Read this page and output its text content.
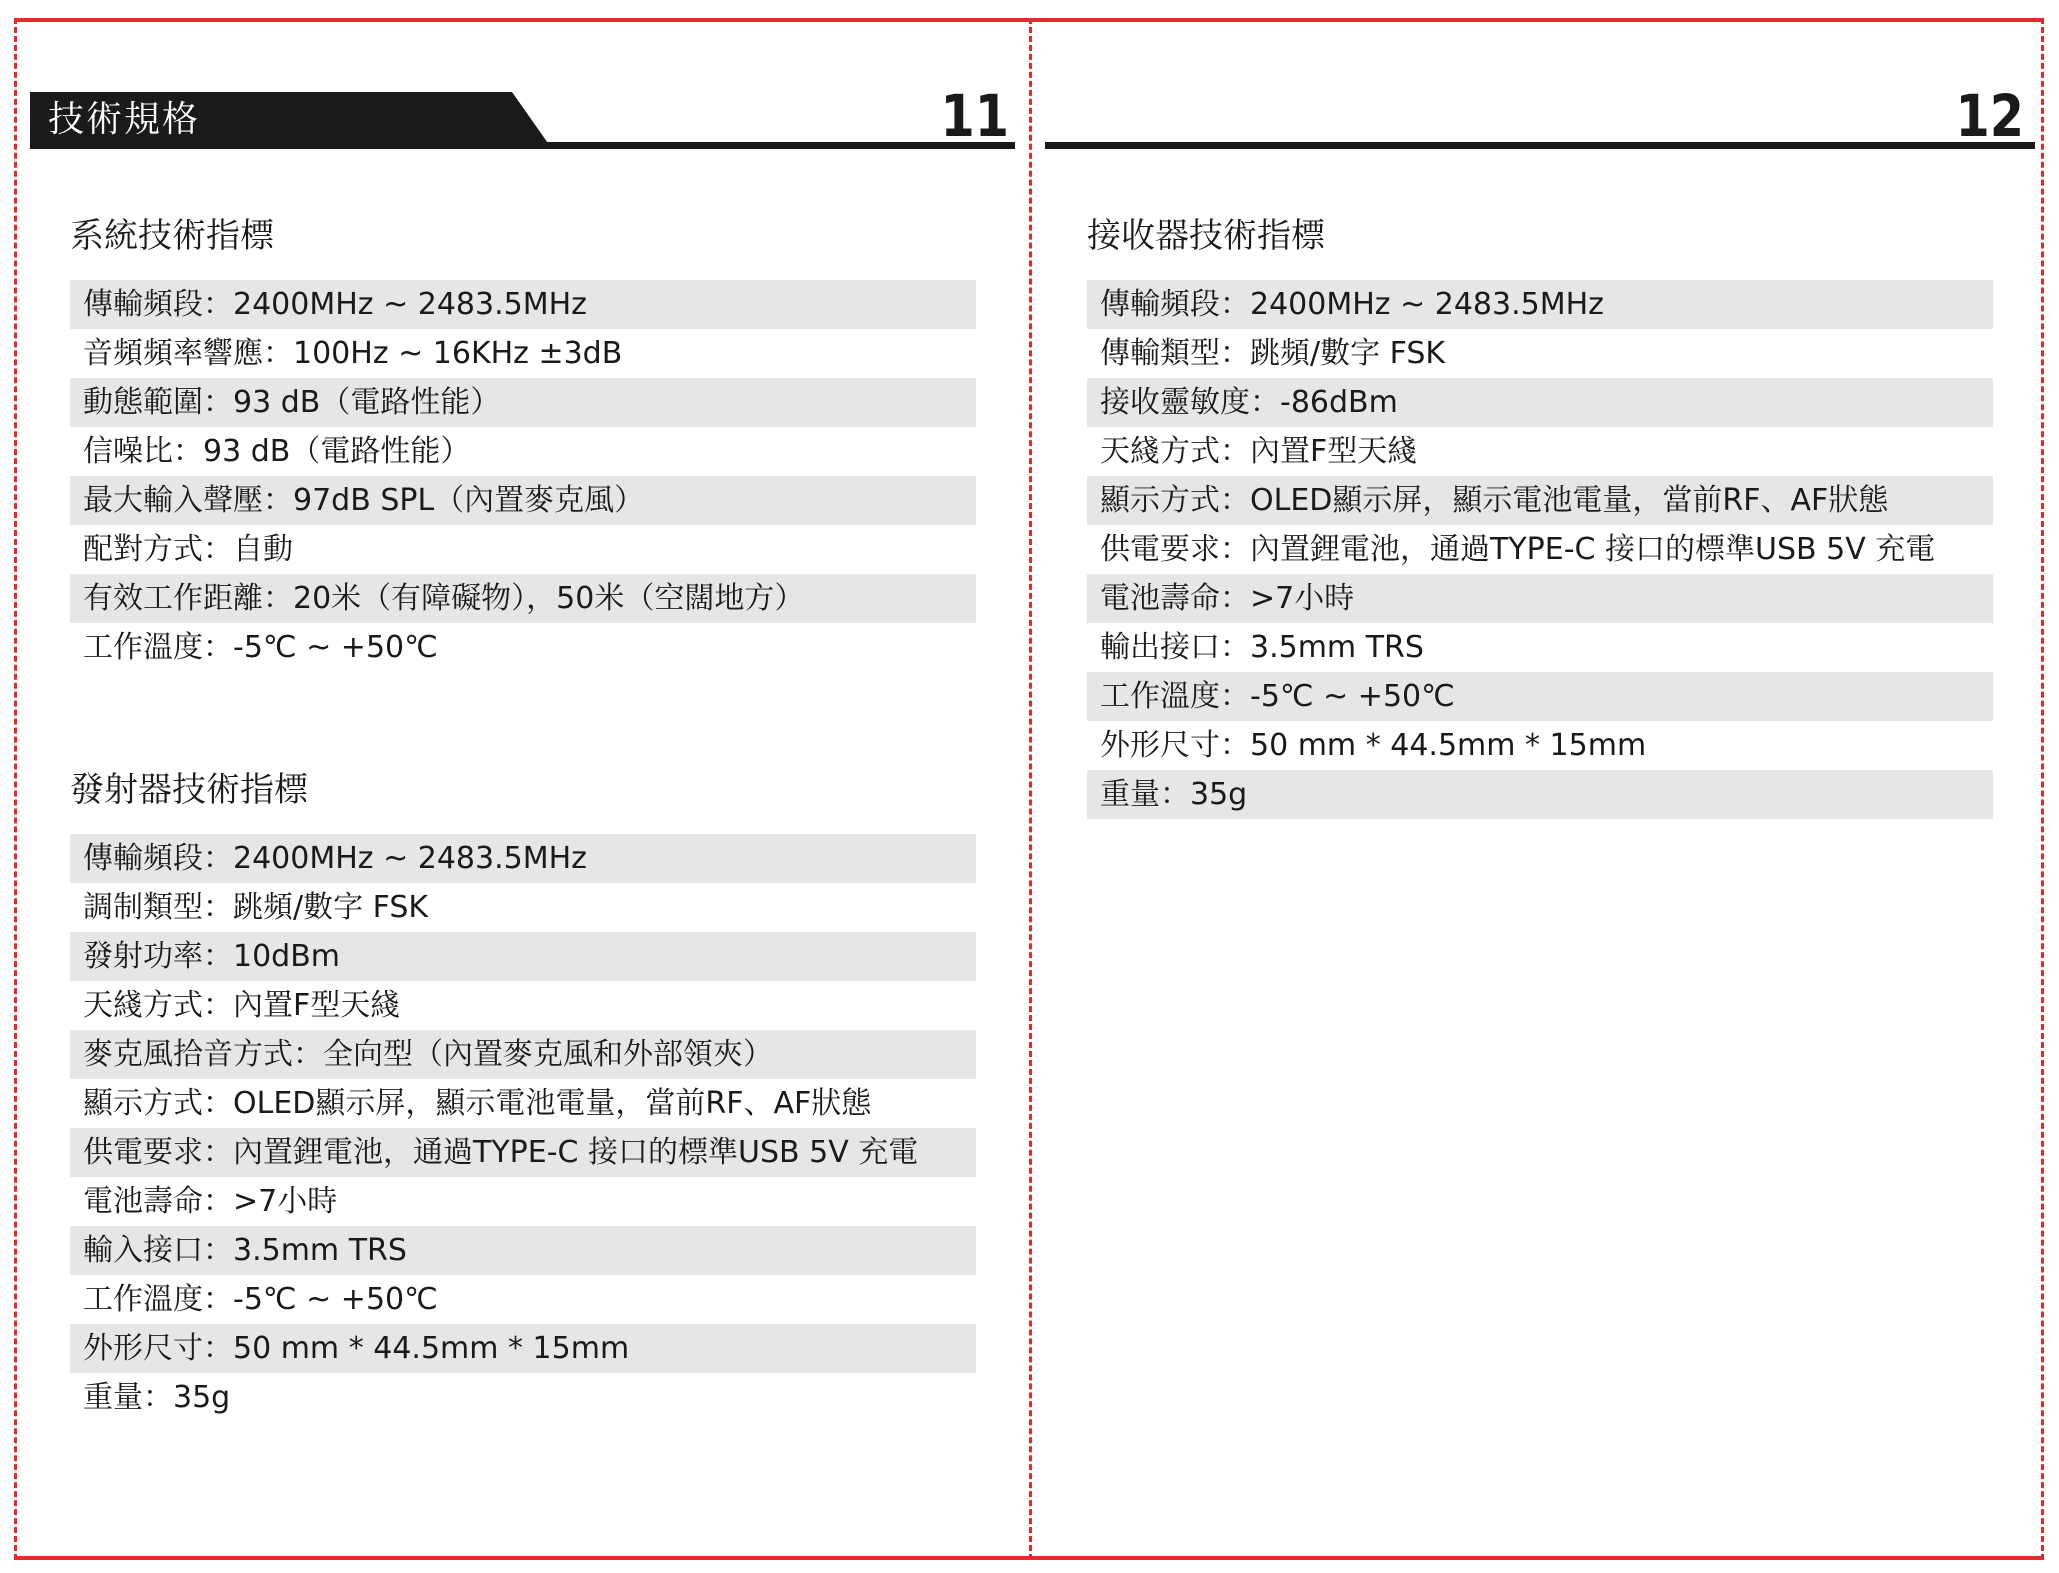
技術規格	11	12
系統技術指標
傳輸頻段：2400MHz ~ 2483.5MHz
音頻頻率響應：100Hz ~ 16KHz ±3dB
動態範圍：93 dB（電路性能）
信噪比：93 dB（電路性能）
最大輸入聲壓：97dB SPL（內置麥克風）
配對方式：自動
有效工作距離：20米（有障礙物），50米（空闊地方）
工作溫度：-5℃ ~ +50℃
發射器技術指標
傳輸頻段：2400MHz ~ 2483.5MHz
調制類型：跳頻/數字 FSK
發射功率：10dBm
天綫方式：內置F型天綫
麥克風拾音方式：全向型（內置麥克風和外部領夾）
顯示方式：OLED顯示屏，顯示電池電量，當前RF、AF狀態
供電要求：內置鋰電池，通過TYPE-C 接口的標準USB 5V 充電
電池壽命：>7小時
輸入接口：3.5mm TRS
工作溫度：-5℃ ~ +50℃
外形尺寸：50 mm * 44.5mm * 15mm
重量：35g
接收器技術指標
傳輸頻段：2400MHz ~ 2483.5MHz
傳輸類型：跳頻/數字 FSK
接收靈敏度：-86dBm
天綫方式：內置F型天綫
顯示方式：OLED顯示屏，顯示電池電量，當前RF、AF狀態
供電要求：內置鋰電池，通過TYPE-C 接口的標準USB 5V 充電
電池壽命：>7小時
輸出接口：3.5mm TRS
工作溫度：-5℃ ~ +50℃
外形尺寸：50 mm * 44.5mm * 15mm
重量：35g
